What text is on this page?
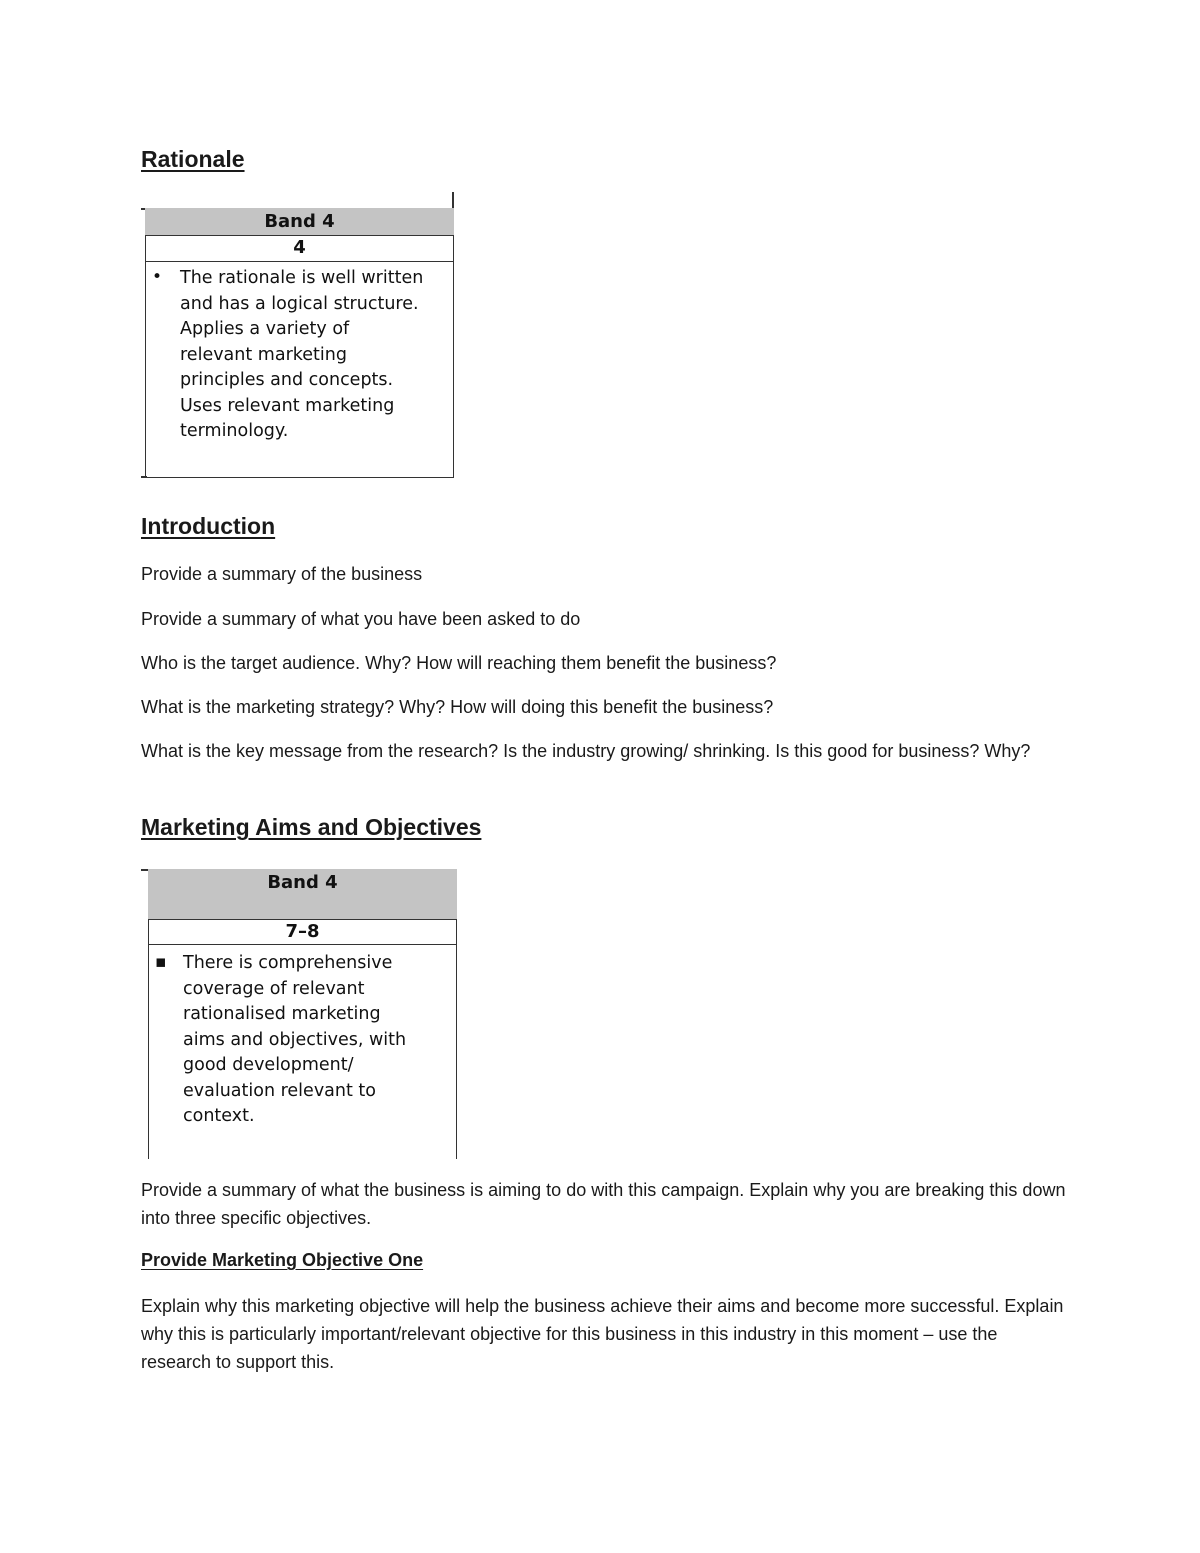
Rationale
Band 4
4
• The rationale is well written
and has a logical structure.
Applies a variety of
relevant marketing
principles and concepts.
Uses relevant marketing
terminology.
Introduction

Provide a summary of the business

Provide a summary of what you have been asked to do

Who is the target audience. Why? How will reaching them benefit the business?

What is the marketing strategy? Why? How will doing this benefit the business?

What is the key message from the research? Is the industry growing/ shrinking. Is this good for business? Why?

Marketing Aims and Objectives
Band 4
7–8
▪ There is comprehensive
coverage of relevant
rationalised marketing
aims and objectives, with
good development/
evaluation relevant to
context.

Provide a summary of what the business is aiming to do with this campaign. Explain why you are breaking this down into three specific objectives.

Provide Marketing Objective One

Explain why this marketing objective will help the business achieve their aims and become more successful. Explain why this is particularly important/relevant objective for this business in this industry in this moment – use the research to support this.
